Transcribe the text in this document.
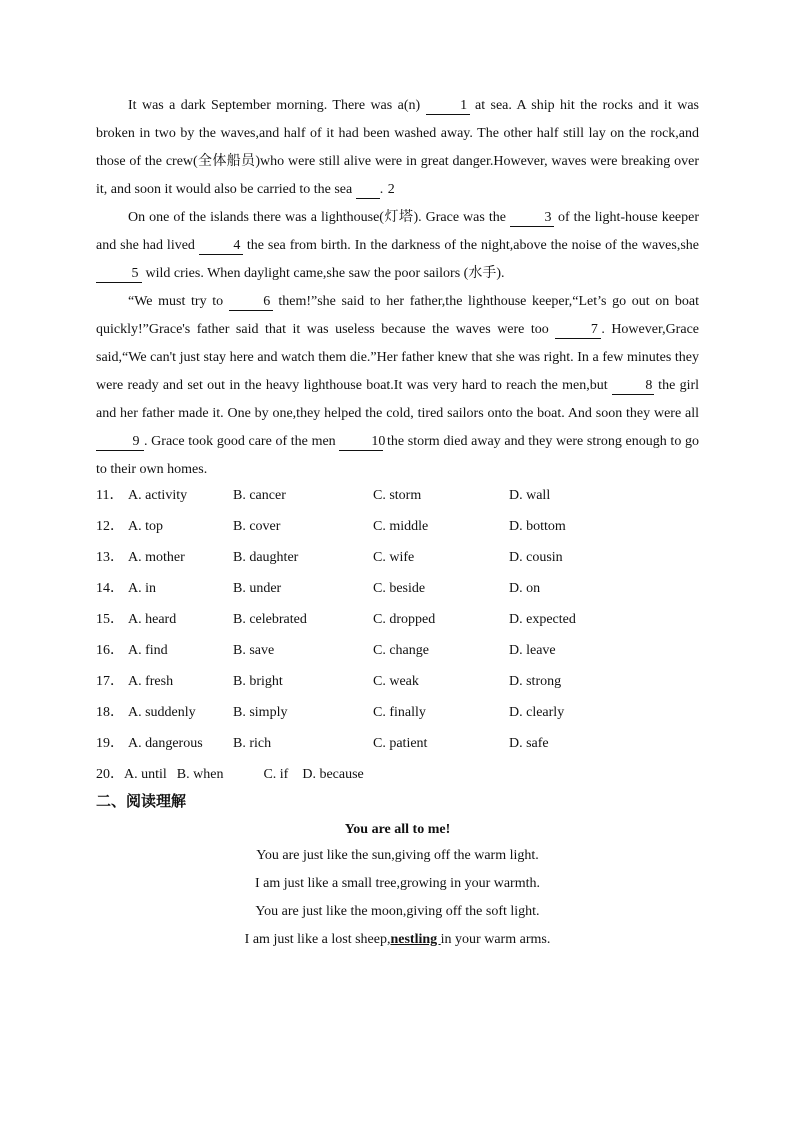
It was a dark September morning. There was a(n) 1 at sea. A ship hit the rocks and it was broken in two by the waves,and half of it had been washed away. The other half still lay on the rock,and those of the crew(全体船员)who were still alive were in great danger.However, waves were breaking over it, and soon it would also be carried to the sea 2.

On one of the islands there was a lighthouse(灯塔). Grace was the 3 of the light-house keeper and she had lived 4 the sea from birth. In the darkness of the night,above the noise of the waves,she 5 wild cries. When daylight came,she saw the poor sailors (水手).

“We must try to 6 them!”she said to her father,the lighthouse keeper,“Let’s go out on boat quickly!”Grace's father said that it was useless because the waves were too	7 . However,Grace said,“We can't just stay here and watch them die.”Her father knew that she was right. In a few minutes they were ready and set out in the heavy lighthouse boat.It was very hard to reach the men,but 8 the girl and her father made it. One by one,they helped the cold, tired sailors onto the boat. And soon they were all 9 . Grace took good care of the men 10 the storm died away and they were strong enough to go to their own homes.

11． A. activity	B. cancer	C. storm	D. wall
12． A. top	B. cover	C. middle	D. bottom
13． A. mother	B. daughter	C. wife	D. cousin
14． A. in	B. under	C. beside	D. on
15． A. heard	B. celebrated	C. dropped	D. expected
16． A. find	B. save	C. change	D. leave
17． A. fresh	B. bright	C. weak	D. strong
18． A. suddenly	B. simply	C. finally	D. clearly
19． A. dangerous B. rich	C. patient	D. safe
20．A. until B. when	C. if D. because
二、阅读理解
You are all to me!
You are just like the sun,giving off the warm light.
I am just like a small tree,growing in your warmth.
You are just like the moon,giving off the soft light.
I am just like a lost sheep,nestling in your warm arms.
